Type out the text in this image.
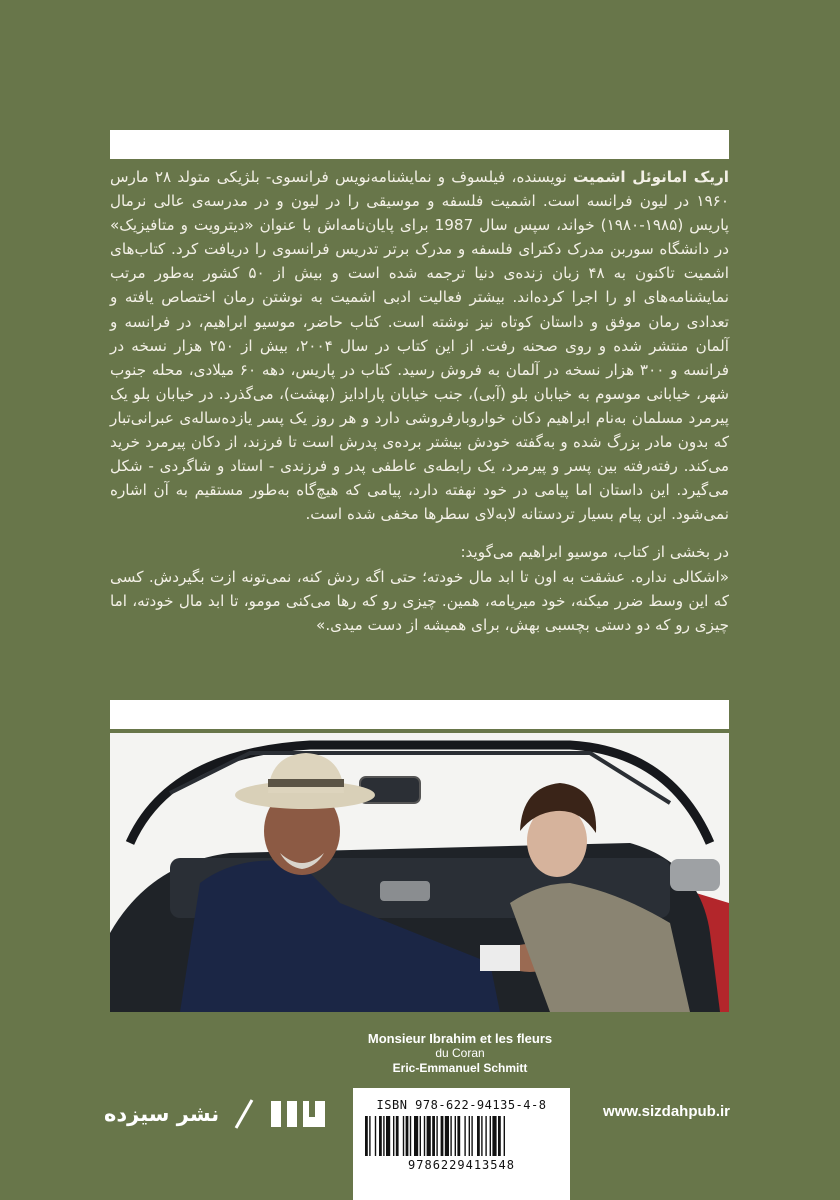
اریک امانوئل اشمیت نویسنده، فیلسوف و نمایشنامه‌نویس فرانسوی- بلژیکی متولد ۲۸ مارس ۱۹۶۰ در لیون فرانسه است. اشمیت فلسفه و موسیقی را در لیون و در مدرسه‌ی عالی نرمال پاریس (۱۹۸۵-۱۹۸۰) خواند، سپس سال 1987 برای پایان‌نامه‌اش با عنوان «دیترویت و متافیزیک» در دانشگاه سوربن مدرک دکترای فلسفه و مدرک برتر تدریس فرانسوی را دریافت کرد. کتاب‌های اشمیت تاکنون به ۴۸ زبان زنده‌ی دنیا ترجمه شده است و بیش از ۵۰ کشور به‌طور مرتب نمایشنامه‌های او را اجرا کرده‌اند. بیشتر فعالیت ادبی اشمیت به نوشتن رمان اختصاص یافته و تعدادی رمان موفق و داستان کوتاه نیز نوشته است. کتاب حاضر، موسیو ابراهیم، در فرانسه و آلمان منتشر شده و روی صحنه رفت. از این کتاب در سال ۲۰۰۴، بیش از ۲۵۰ هزار نسخه در فرانسه و ۳۰۰ هزار نسخه در آلمان به فروش رسید. کتاب در پاریس، دهه ۶۰ میلادی، محله جنوب شهر، خیابانی موسوم به خیابان بلو (آبی)، جنب خیابان پارادایز (بهشت)، می‌گذرد. در خیابان بلو یک پیرمرد مسلمان به‌نام ابراهیم دکان خواروبارفروشی دارد و هر روز یک پسر یازده‌ساله‌ی عبرانی‌تبار که بدون مادر بزرگ شده و به‌گفته خودش بیشتر برده‌ی پدرش است تا فرزند، از دکان پیرمرد خرید می‌کند. رفته‌رفته بین پسر و پیرمرد، یک رابطه‌ی عاطفی پدر و فرزندی - استاد و شاگردی - شکل می‌گیرد. این داستان اما پیامی در خود نهفته دارد، پیامی که هیچ‌گاه به‌طور مستقیم به آن اشاره نمی‌شود. این پیام بسیار تردستانه لابه‌لای سطرها مخفی شده است.

در بخشی از کتاب، موسیو ابراهیم می‌گوید:

«اشکالی نداره. عشقت به اون تا ابد مال خودته؛ حتی اگه ردش کنه، نمی‌تونه ازت بگیردش. کسی که این وسط ضرر میکنه، خود میریامه، همین. چیزی رو که رها می‌کنی مومو، تا ابد مال خودته، اما چیزی رو که دو دستی بچسبی بهش، برای همیشه از دست میدی.»

Monsieur Ibrahim et les fleurs
du Coran
Eric-Emmanuel Schmitt
نشر سیزده	ISBN 978-622-94135-4-8
9786229413548
www.sizdahpub.ir
